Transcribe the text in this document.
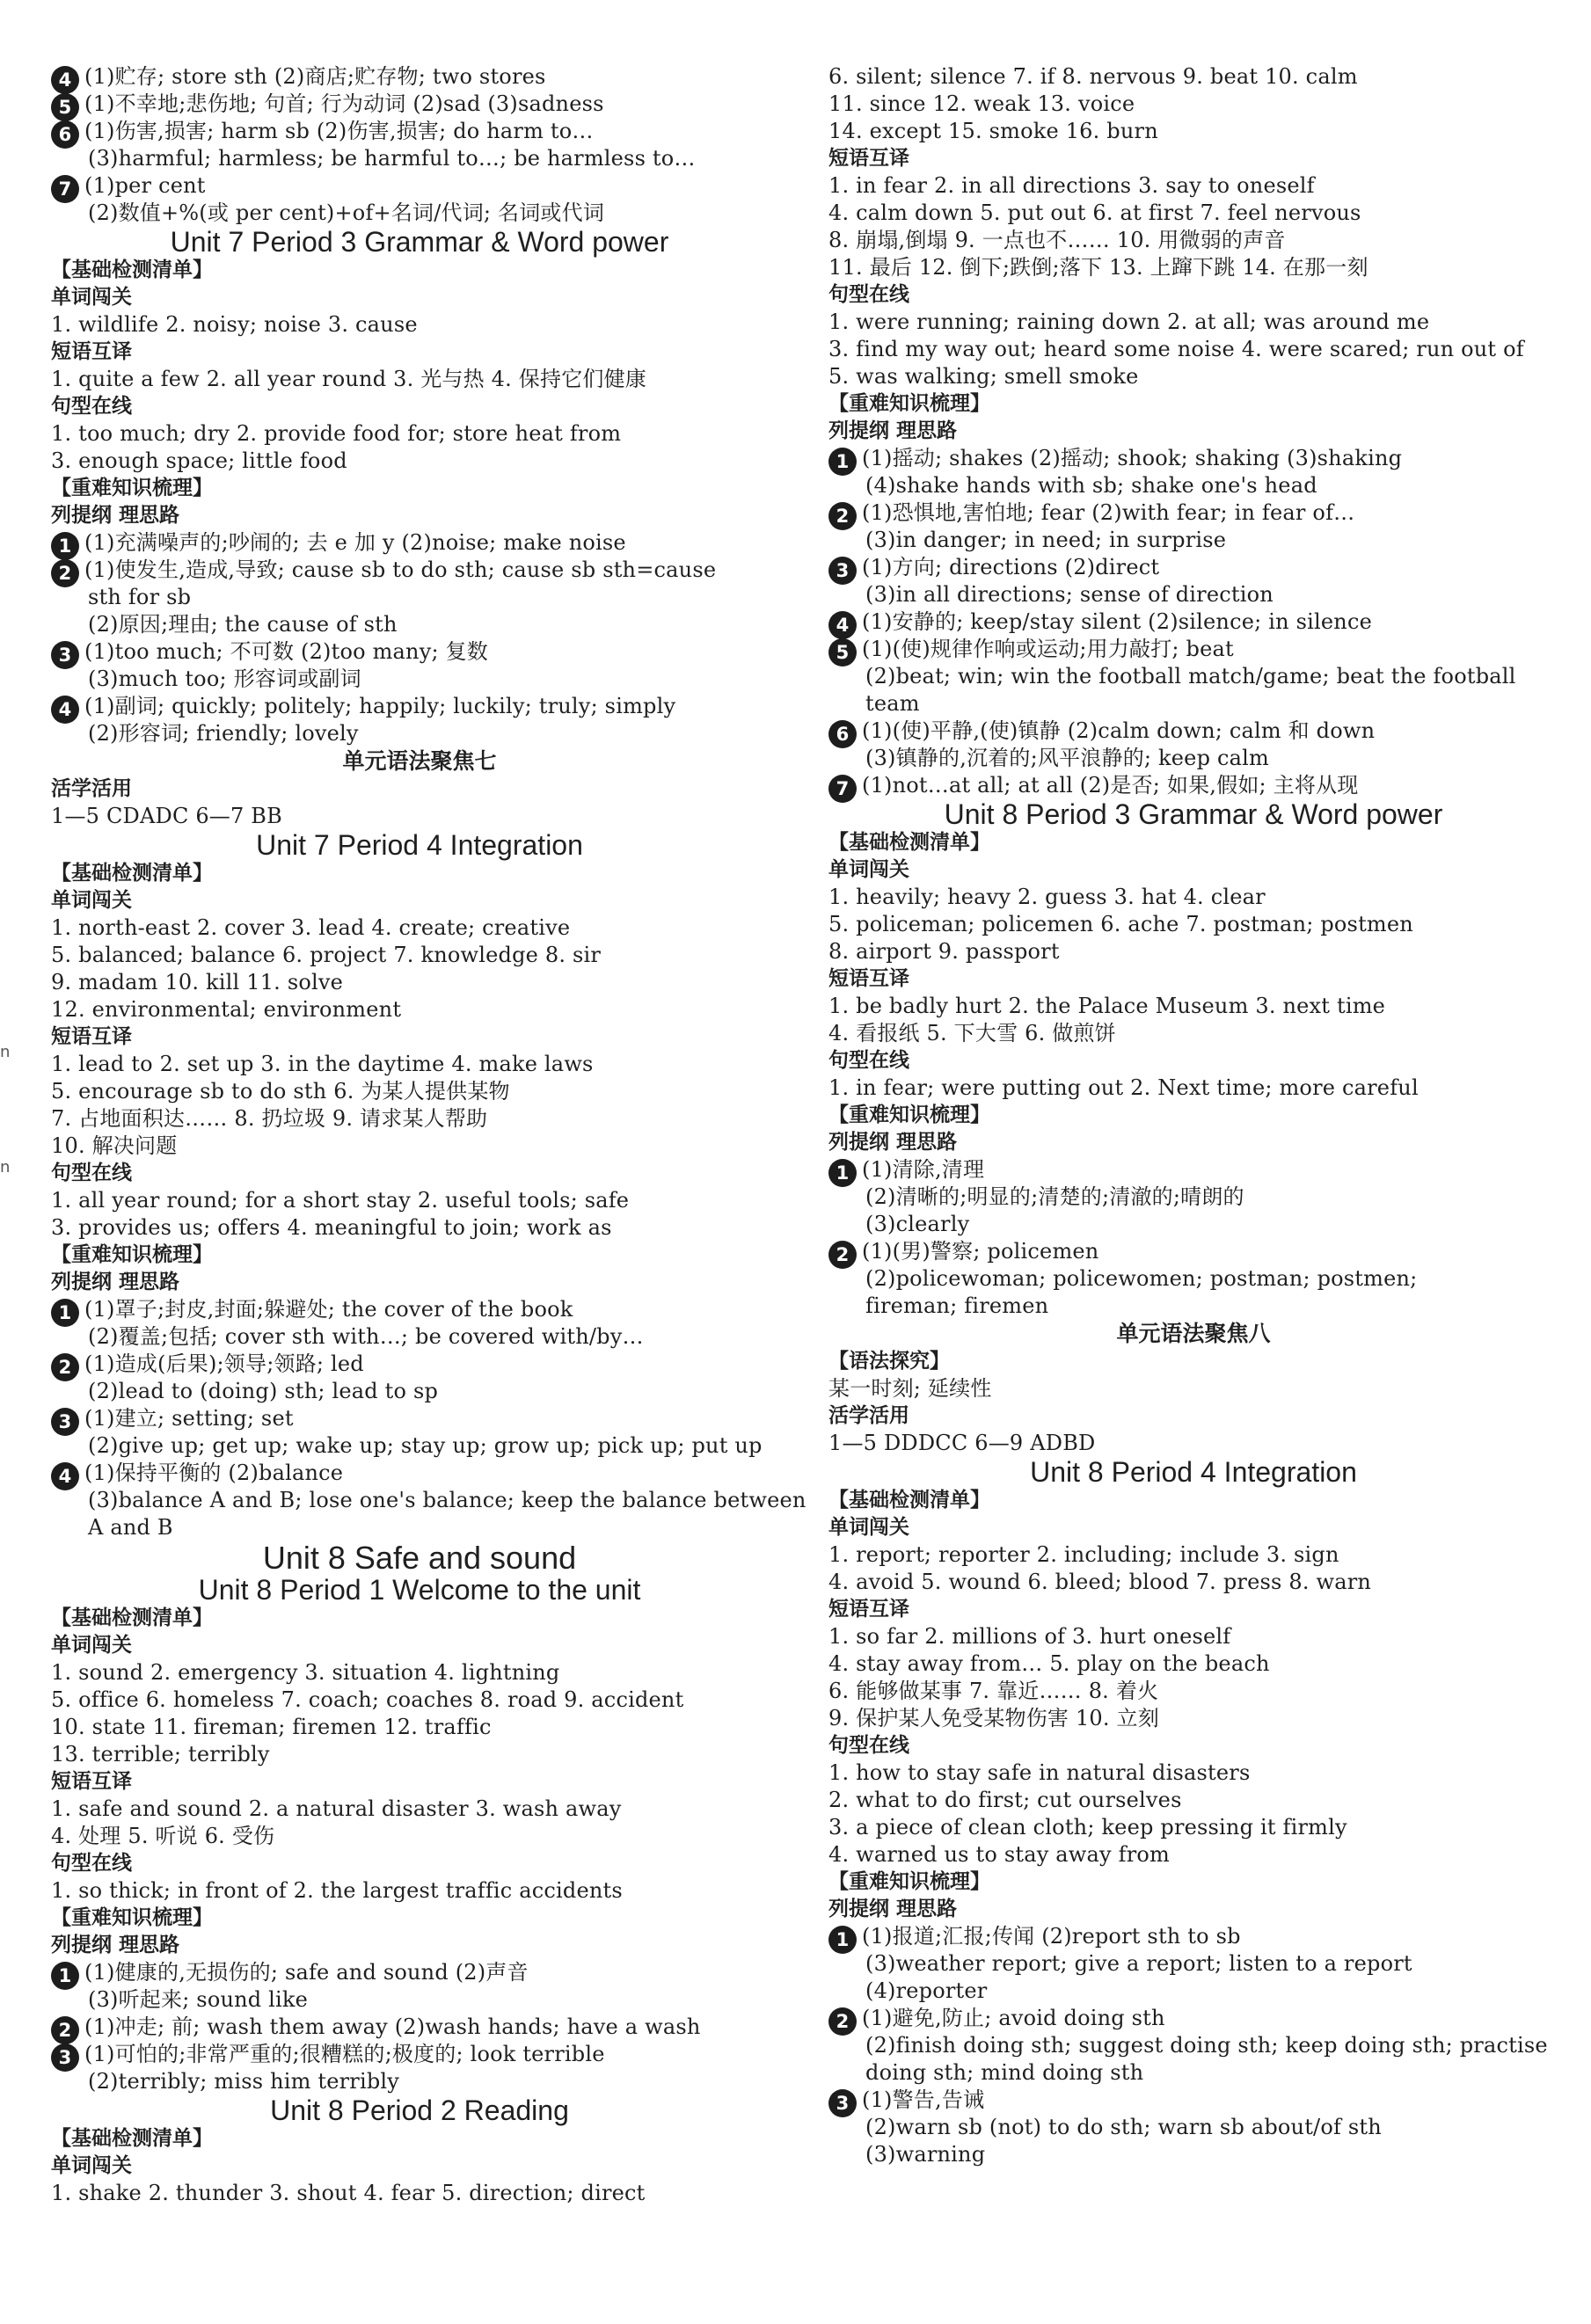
n
n
4 (1)贮存; store sth (2)商店;贮存物; two stores
5 (1)不幸地;悲伤地; 句首; 行为动词 (2)sad (3)sadness
6 (1)伤害,损害; harm sb (2)伤害,损害; do harm to…
(3)harmful; harmless; be harmful to…; be harmless to…
7 (1)per cent
(2)数值+%(或 per cent)+of+名词/代词; 名词或代词
Unit 7 Period 3 Grammar & Word power
【基础检测清单】
单词闯关
1. wildlife 2. noisy; noise 3. cause
短语互译
1. quite a few 2. all year round 3. 光与热 4. 保持它们健康
句型在线
1. too much; dry 2. provide food for; store heat from
3. enough space; little food
【重难知识梳理】
列提纲 理思路
1 (1)充满噪声的;吵闹的; 去 e 加 y (2)noise; make noise
2 (1)使发生,造成,导致; cause sb to do sth; cause sb sth=cause
sth for sb
(2)原因;理由; the cause of sth
3 (1)too much; 不可数 (2)too many; 复数
(3)much too; 形容词或副词
4 (1)副词; quickly; politely; happily; luckily; truly; simply
(2)形容词; friendly; lovely
单元语法聚焦七
活学活用
1—5 CDADC 6—7 BB
Unit 7 Period 4 Integration
【基础检测清单】
单词闯关
1. north-east 2. cover 3. lead 4. create; creative
5. balanced; balance 6. project 7. knowledge 8. sir
9. madam 10. kill 11. solve
12. environmental; environment
短语互译
1. lead to 2. set up 3. in the daytime 4. make laws
5. encourage sb to do sth 6. 为某人提供某物
7. 占地面积达…… 8. 扔垃圾 9. 请求某人帮助
10. 解决问题
句型在线
1. all year round; for a short stay 2. useful tools; safe
3. provides us; offers 4. meaningful to join; work as
【重难知识梳理】
列提纲 理思路
1 (1)罩子;封皮,封面;躲避处; the cover of the book
(2)覆盖;包括; cover sth with…; be covered with/by…
2 (1)造成(后果);领导;领路; led
(2)lead to (doing) sth; lead to sp
3 (1)建立; setting; set
(2)give up; get up; wake up; stay up; grow up; pick up; put up
4 (1)保持平衡的 (2)balance
(3)balance A and B; lose one's balance; keep the balance between
A and B
Unit 8 Safe and sound
Unit 8 Period 1 Welcome to the unit
【基础检测清单】
单词闯关
1. sound 2. emergency 3. situation 4. lightning
5. office 6. homeless 7. coach; coaches 8. road 9. accident
10. state 11. fireman; firemen 12. traffic
13. terrible; terribly
短语互译
1. safe and sound 2. a natural disaster 3. wash away
4. 处理 5. 听说 6. 受伤
句型在线
1. so thick; in front of 2. the largest traffic accidents
【重难知识梳理】
列提纲 理思路
1 (1)健康的,无损伤的; safe and sound (2)声音
(3)听起来; sound like
2 (1)冲走; 前; wash them away (2)wash hands; have a wash
3 (1)可怕的;非常严重的;很糟糕的;极度的; look terrible
(2)terribly; miss him terribly
Unit 8 Period 2 Reading
【基础检测清单】
单词闯关
1. shake 2. thunder 3. shout 4. fear 5. direction; direct
6. silent; silence 7. if 8. nervous 9. beat 10. calm
11. since 12. weak 13. voice
14. except 15. smoke 16. burn
短语互译
1. in fear 2. in all directions 3. say to oneself
4. calm down 5. put out 6. at first 7. feel nervous
8. 崩塌,倒塌 9. 一点也不…… 10. 用微弱的声音
11. 最后 12. 倒下;跌倒;落下 13. 上蹿下跳 14. 在那一刻
句型在线
1. were running; raining down 2. at all; was around me
3. find my way out; heard some noise 4. were scared; run out of
5. was walking; smell smoke
【重难知识梳理】
列提纲 理思路
1 (1)摇动; shakes (2)摇动; shook; shaking (3)shaking
(4)shake hands with sb; shake one's head
2 (1)恐惧地,害怕地; fear (2)with fear; in fear of…
(3)in danger; in need; in surprise
3 (1)方向; directions (2)direct
(3)in all directions; sense of direction
4 (1)安静的; keep/stay silent (2)silence; in silence
5 (1)(使)规律作响或运动;用力敲打; beat
(2)beat; win; win the football match/game; beat the football
team
6 (1)(使)平静,(使)镇静 (2)calm down; calm 和 down
(3)镇静的,沉着的;风平浪静的; keep calm
7 (1)not…at all; at all (2)是否; 如果,假如; 主将从现
Unit 8 Period 3 Grammar & Word power
【基础检测清单】
单词闯关
1. heavily; heavy 2. guess 3. hat 4. clear
5. policeman; policemen 6. ache 7. postman; postmen
8. airport 9. passport
短语互译
1. be badly hurt 2. the Palace Museum 3. next time
4. 看报纸 5. 下大雪 6. 做煎饼
句型在线
1. in fear; were putting out 2. Next time; more careful
【重难知识梳理】
列提纲 理思路
1 (1)清除,清理
(2)清晰的;明显的;清楚的;清澈的;晴朗的
(3)clearly
2 (1)(男)警察; policemen
(2)policewoman; policewomen; postman; postmen;
fireman; firemen
单元语法聚焦八
【语法探究】
某一时刻; 延续性
活学活用
1—5 DDDCC 6—9 ADBD
Unit 8 Period 4 Integration
【基础检测清单】
单词闯关
1. report; reporter 2. including; include 3. sign
4. avoid 5. wound 6. bleed; blood 7. press 8. warn
短语互译
1. so far 2. millions of 3. hurt oneself
4. stay away from… 5. play on the beach
6. 能够做某事 7. 靠近…… 8. 着火
9. 保护某人免受某物伤害 10. 立刻
句型在线
1. how to stay safe in natural disasters
2. what to do first; cut ourselves
3. a piece of clean cloth; keep pressing it firmly
4. warned us to stay away from
【重难知识梳理】
列提纲 理思路
1 (1)报道;汇报;传闻 (2)report sth to sb
(3)weather report; give a report; listen to a report
(4)reporter
2 (1)避免,防止; avoid doing sth
(2)finish doing sth; suggest doing sth; keep doing sth; practise
doing sth; mind doing sth
3 (1)警告,告诫
(2)warn sb (not) to do sth; warn sb about/of sth
(3)warning
